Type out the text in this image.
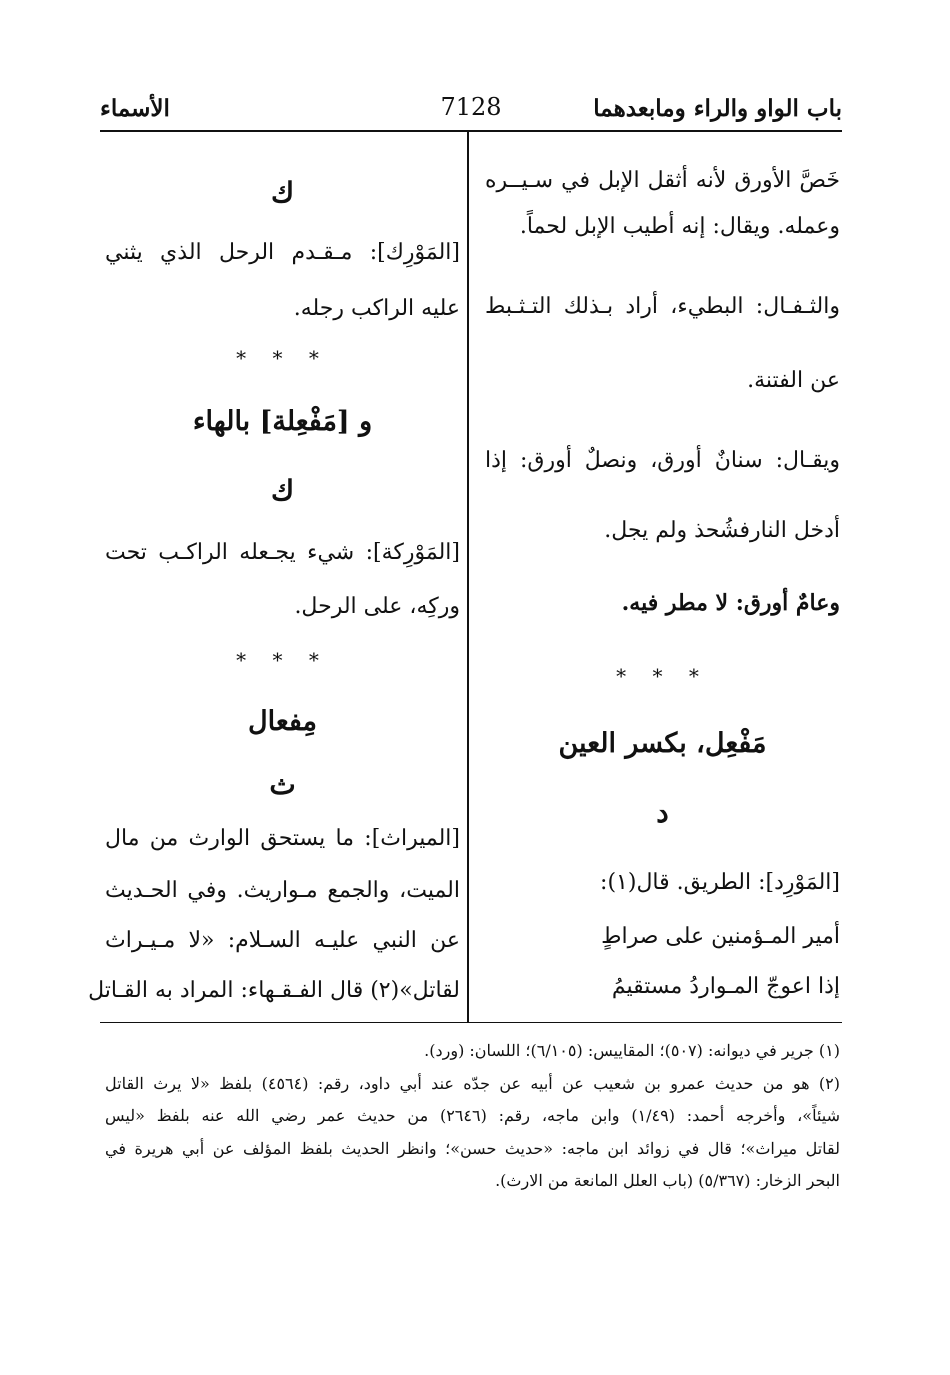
باب الواو والراء ومابعدهما
7128
الأسماء
خَصَّ الأورق لأنه أثقل الإبل في سـيــره
وعمله. ويقال: إنه أطيب الإبل لحماً.
والثـفـال: البطيء، أراد بـذلك التـثـبط
عن الفتنة.
ويقـال: سنانٌ أورق، ونصلٌ أورق: إذا
أدخل النارفشُحذ ولم يجل.
وعامٌ أورق: لا مطر فيه.
* * *
مَفْعِل، بكسر العين
د
[المَوْرِد]: الطريق. قال(١):
أمير المـؤمنين على صراطٍ
إذا اعوجّ المـواردُ مستقيمُ
ك
[المَوْرِك]: مـقـدم الرحل الذي يثني
عليه الراكب رجله.
* * *
و [مَفْعِلة] بالهاء
ك
[المَوْرِكة]: شيء يجـعله الراكـب تحت
وركِه، على الرحل.
* * *
مِفعال
ث
[الميراث]: ما يستحق الوارث من مال
الميت، والجمع مـواريث. وفي الحـديث
عن النبي عليـه السـلام: «لا مـيـراث
لقاتل»(٢) قال الفـقـهاء: المراد به القـاتل
(١) جرير في ديوانه: (٥٠٧)؛ المقاييس: (٦/١٠٥)؛ اللسان: (ورد).
(٢) هو من حديث عمرو بن شعيب عن أبيه عن جدّه عند أبي داود، رقم: (٤٥٦٤) بلفظ «لا يرث القاتل
شيئاً»، وأخرجه أحمد: (١/٤٩) وابن ماجه، رقم: (٢٦٤٦) من حديث عمر رضي الله عنه بلفظ «ليس
لقاتل ميراث»؛ قال في زوائد ابن ماجه: «حديث حسن»؛ وانظر الحديث بلفظ المؤلف عن أبي هريرة في
البحر الزخار: (٥/٣٦٧) (باب العلل المانعة من الارث).
